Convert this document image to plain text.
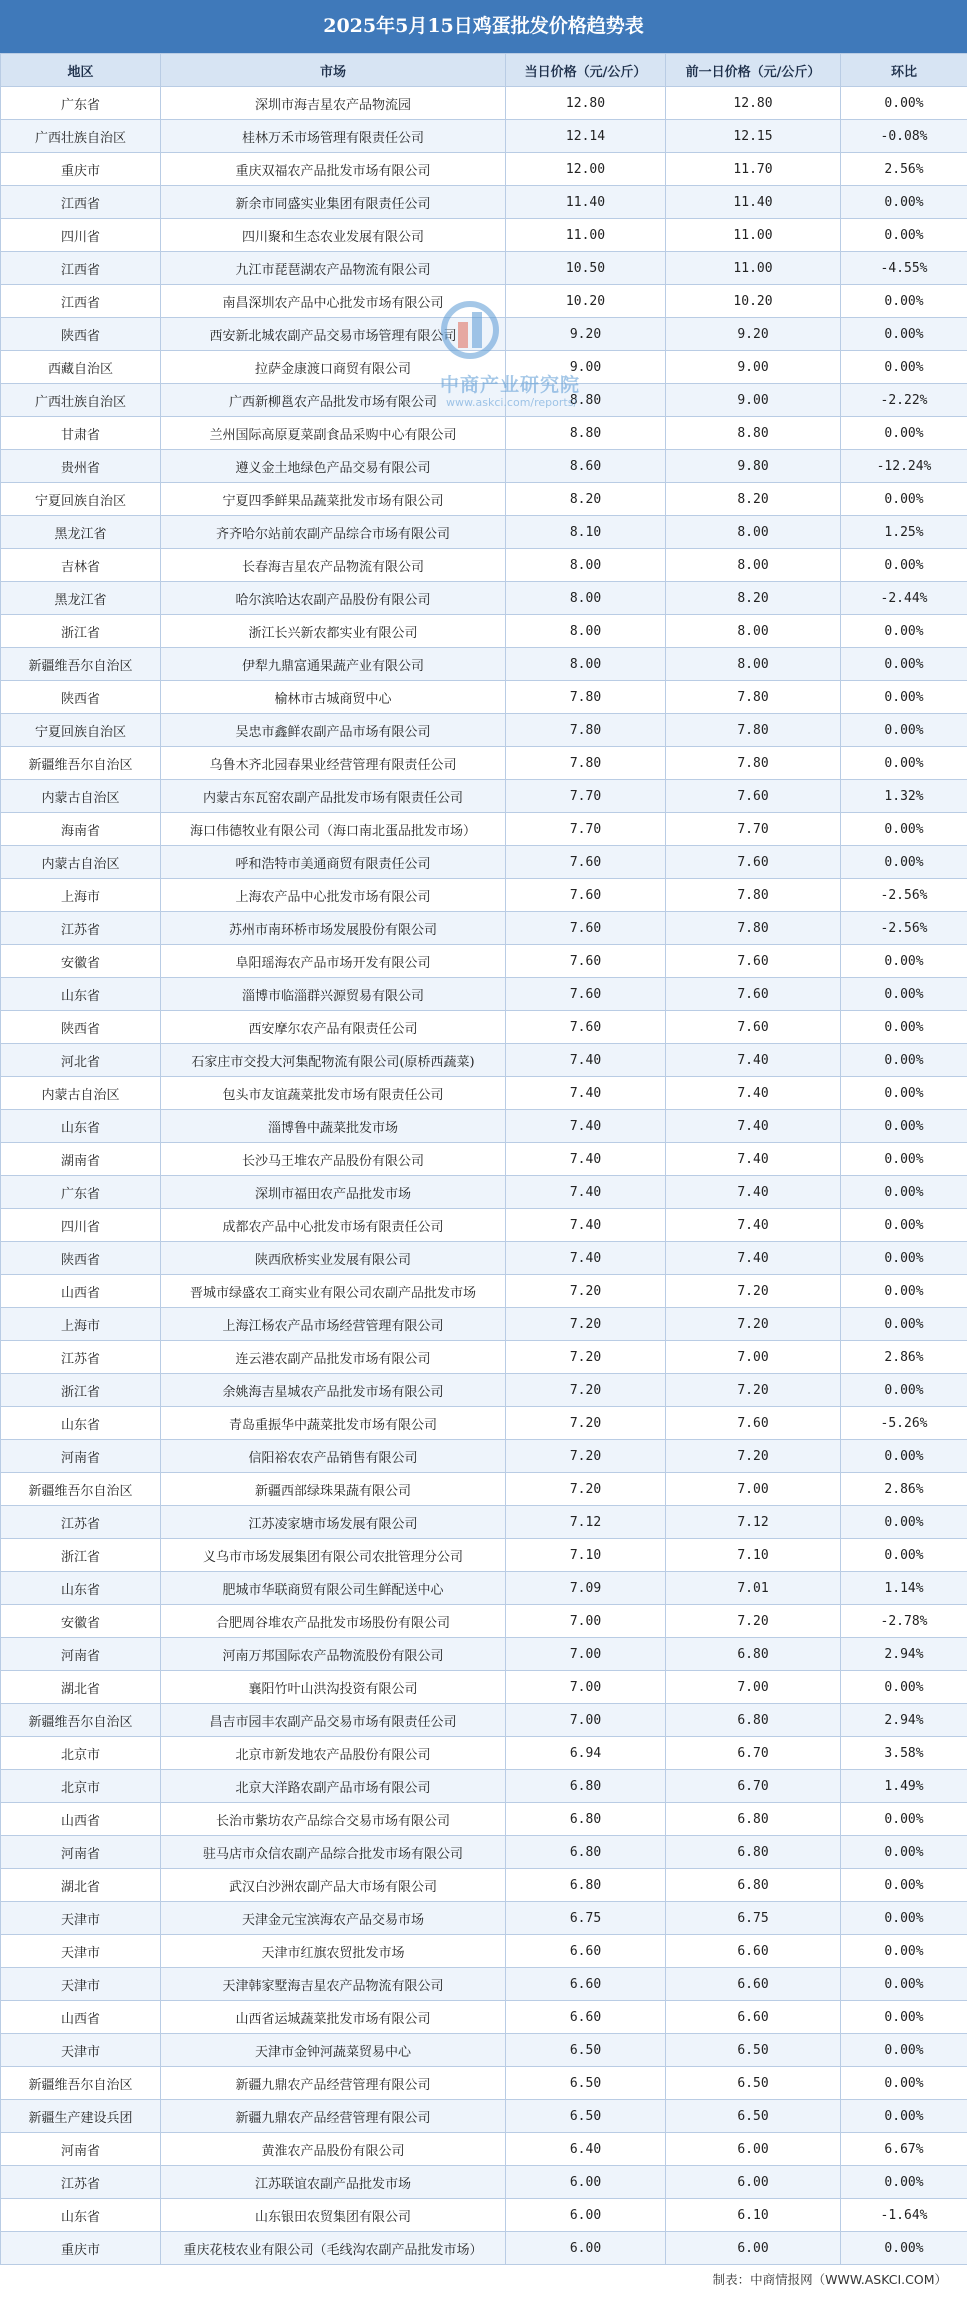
2025年5月15日鸡蛋批发价格趋势表
地区	市场	当日价格（元/公斤）	前一日价格（元/公斤）	环比
广东省	深圳市海吉星农产品物流园	12.80	12.80	0.00%
广西壮族自治区	桂林万禾市场管理有限责任公司	12.14	12.15	-0.08%
重庆市	重庆双福农产品批发市场有限公司	12.00	11.70	2.56%
江西省	新余市同盛实业集团有限责任公司	11.40	11.40	0.00%
四川省	四川聚和生态农业发展有限公司	11.00	11.00	0.00%
江西省	九江市琵琶湖农产品物流有限公司	10.50	11.00	-4.55%
江西省	南昌深圳农产品中心批发市场有限公司	10.20	10.20	0.00%
陕西省	西安新北城农副产品交易市场管理有限公司	9.20	9.20	0.00%
西藏自治区	拉萨金康渡口商贸有限公司	9.00	9.00	0.00%
广西壮族自治区	广西新柳邕农产品批发市场有限公司	8.80	9.00	-2.22%
甘肃省	兰州国际高原夏菜副食品采购中心有限公司	8.80	8.80	0.00%
贵州省	遵义金土地绿色产品交易有限公司	8.60	9.80	-12.24%
宁夏回族自治区	宁夏四季鲜果品蔬菜批发市场有限公司	8.20	8.20	0.00%
黑龙江省	齐齐哈尔站前农副产品综合市场有限公司	8.10	8.00	1.25%
吉林省	长春海吉星农产品物流有限公司	8.00	8.00	0.00%
黑龙江省	哈尔滨哈达农副产品股份有限公司	8.00	8.20	-2.44%
浙江省	浙江长兴新农都实业有限公司	8.00	8.00	0.00%
新疆维吾尔自治区	伊犁九鼎富通果蔬产业有限公司	8.00	8.00	0.00%
陕西省	榆林市古城商贸中心	7.80	7.80	0.00%
宁夏回族自治区	吴忠市鑫鲜农副产品市场有限公司	7.80	7.80	0.00%
新疆维吾尔自治区	乌鲁木齐北园春果业经营管理有限责任公司	7.80	7.80	0.00%
内蒙古自治区	内蒙古东瓦窑农副产品批发市场有限责任公司	7.70	7.60	1.32%
海南省	海口伟德牧业有限公司（海口南北蛋品批发市场）	7.70	7.70	0.00%
内蒙古自治区	呼和浩特市美通商贸有限责任公司	7.60	7.60	0.00%
上海市	上海农产品中心批发市场有限公司	7.60	7.80	-2.56%
江苏省	苏州市南环桥市场发展股份有限公司	7.60	7.80	-2.56%
安徽省	阜阳瑶海农产品市场开发有限公司	7.60	7.60	0.00%
山东省	淄博市临淄群兴源贸易有限公司	7.60	7.60	0.00%
陕西省	西安摩尔农产品有限责任公司	7.60	7.60	0.00%
河北省	石家庄市交投大河集配物流有限公司(原桥西蔬菜)	7.40	7.40	0.00%
内蒙古自治区	包头市友谊蔬菜批发市场有限责任公司	7.40	7.40	0.00%
山东省	淄博鲁中蔬菜批发市场	7.40	7.40	0.00%
湖南省	长沙马王堆农产品股份有限公司	7.40	7.40	0.00%
广东省	深圳市福田农产品批发市场	7.40	7.40	0.00%
四川省	成都农产品中心批发市场有限责任公司	7.40	7.40	0.00%
陕西省	陕西欣桥实业发展有限公司	7.40	7.40	0.00%
山西省	晋城市绿盛农工商实业有限公司农副产品批发市场	7.20	7.20	0.00%
上海市	上海江杨农产品市场经营管理有限公司	7.20	7.20	0.00%
江苏省	连云港农副产品批发市场有限公司	7.20	7.00	2.86%
浙江省	余姚海吉星城农产品批发市场有限公司	7.20	7.20	0.00%
山东省	青岛重振华中蔬菜批发市场有限公司	7.20	7.60	-5.26%
河南省	信阳裕农农产品销售有限公司	7.20	7.20	0.00%
新疆维吾尔自治区	新疆西部绿珠果蔬有限公司	7.20	7.00	2.86%
江苏省	江苏凌家塘市场发展有限公司	7.12	7.12	0.00%
浙江省	义乌市市场发展集团有限公司农批管理分公司	7.10	7.10	0.00%
山东省	肥城市华联商贸有限公司生鲜配送中心	7.09	7.01	1.14%
安徽省	合肥周谷堆农产品批发市场股份有限公司	7.00	7.20	-2.78%
河南省	河南万邦国际农产品物流股份有限公司	7.00	6.80	2.94%
湖北省	襄阳竹叶山洪沟投资有限公司	7.00	7.00	0.00%
新疆维吾尔自治区	昌吉市园丰农副产品交易市场有限责任公司	7.00	6.80	2.94%
北京市	北京市新发地农产品股份有限公司	6.94	6.70	3.58%
北京市	北京大洋路农副产品市场有限公司	6.80	6.70	1.49%
山西省	长治市紫坊农产品综合交易市场有限公司	6.80	6.80	0.00%
河南省	驻马店市众信农副产品综合批发市场有限公司	6.80	6.80	0.00%
湖北省	武汉白沙洲农副产品大市场有限公司	6.80	6.80	0.00%
天津市	天津金元宝滨海农产品交易市场	6.75	6.75	0.00%
天津市	天津市红旗农贸批发市场	6.60	6.60	0.00%
天津市	天津韩家墅海吉星农产品物流有限公司	6.60	6.60	0.00%
山西省	山西省运城蔬菜批发市场有限公司	6.60	6.60	0.00%
天津市	天津市金钟河蔬菜贸易中心	6.50	6.50	0.00%
新疆维吾尔自治区	新疆九鼎农产品经营管理有限公司	6.50	6.50	0.00%
新疆生产建设兵团	新疆九鼎农产品经营管理有限公司	6.50	6.50	0.00%
河南省	黄淮农产品股份有限公司	6.40	6.00	6.67%
江苏省	江苏联谊农副产品批发市场	6.00	6.00	0.00%
山东省	山东银田农贸集团有限公司	6.00	6.10	-1.64%
重庆市	重庆花枝农业有限公司（毛线沟农副产品批发市场）	6.00	6.00	0.00%
中商产业研究院
www.askci.com/reports/
制表：中商情报网（WWW.ASKCI.COM）
